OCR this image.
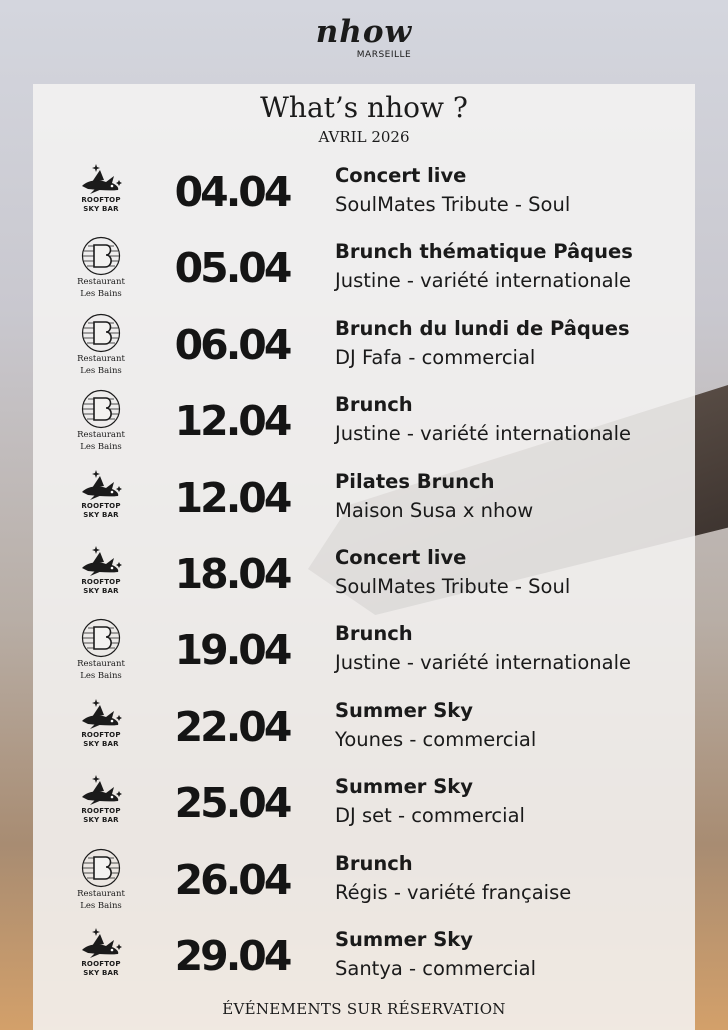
nhow
MARSEILLE
What’s nhow ?
AVRIL 2026
ROOFTOP
SKY BAR	04.04 Concert live
SoulMates Tribute - Soul
Restaurant
Les Bains
05.04 Brunch thématique Pâques
Justine - variété internationale
Restaurant
Les Bains
06.04 Brunch du lundi de Pâques
DJ Fafa - commercial
Restaurant
Les Bains
12.04 Brunch
Justine - variété internationale
ROOFTOP
SKY BAR	12.04 Pilates Brunch
Maison Susa x nhow
ROOFTOP
SKY BAR	18.04 Concert live
SoulMates Tribute - Soul
Restaurant
Les Bains
19.04 Brunch
Justine - variété internationale
ROOFTOP
SKY BAR	22.04 Summer Sky
Younes - commercial
ROOFTOP
SKY BAR	25.04 Summer Sky
DJ set - commercial
Restaurant
Les Bains
26.04 Brunch
Régis - variété française
ROOFTOP
SKY BAR	29.04 Summer Sky
Santya - commercial
ÉVÉNEMENTS SUR RÉSERVATION
